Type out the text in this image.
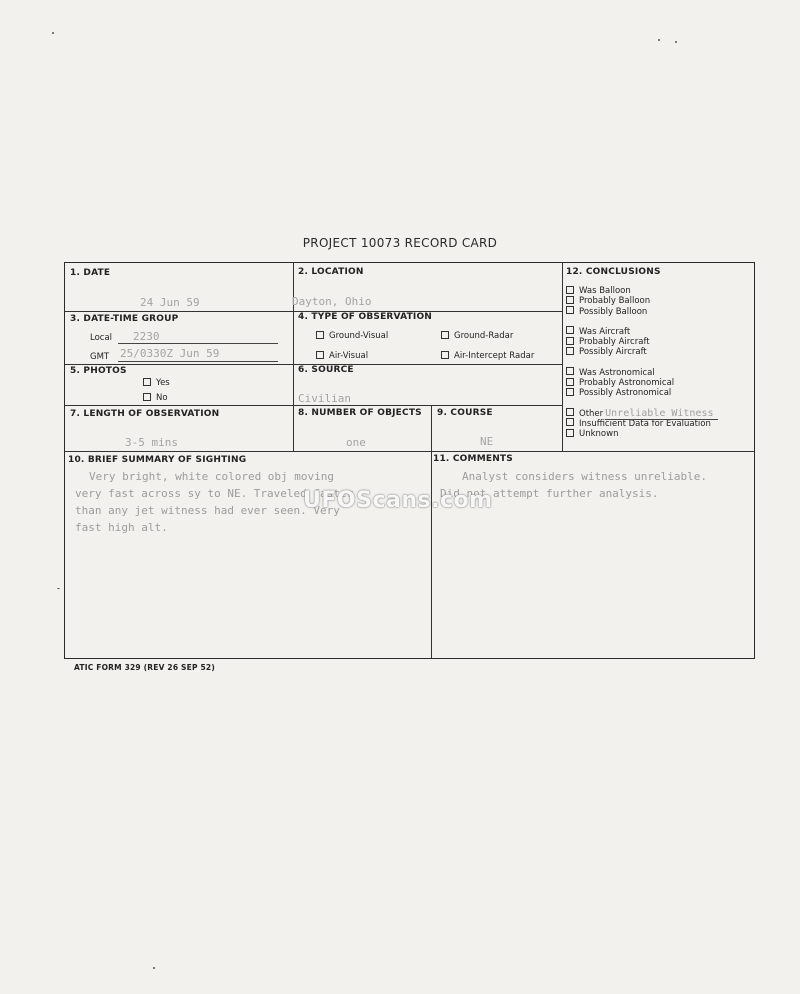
PROJECT 10073 RECORD CARD
1. DATE
24 Jun 59
2. LOCATION
Dayton, Ohio
3. DATE-TIME GROUP
Local 2230
GMT 25/0330Z Jun 59
4. TYPE OF OBSERVATION
Ground-Visual	Ground-Radar
Air-Visual	Air-Intercept Radar
5. PHOTOS
Yes
No
6. SOURCE
Civilian
7. LENGTH OF OBSERVATION
3-5 mins
8. NUMBER OF OBJECTS
one
9. COURSE
NE
10. BRIEF SUMMARY OF SIGHTING
Very bright, white colored obj moving
very fast across sy to NE. Traveled faster
than any jet witness had ever seen. Very
fast high alt.
11. COMMENTS
Analyst considers witness unreliable.
Did not attempt further analysis.
12. CONCLUSIONS
Was Balloon
Probably Balloon
Possibly Balloon
Was Aircraft
Probably Aircraft
Possibly Aircraft
Was Astronomical
Probably Astronomical
Possibly Astronomical
Other Unreliable Witness
Insufficient Data for Evaluation
Unknown
ATIC FORM 329 (REV 26 SEP 52)
UFOScans.com
